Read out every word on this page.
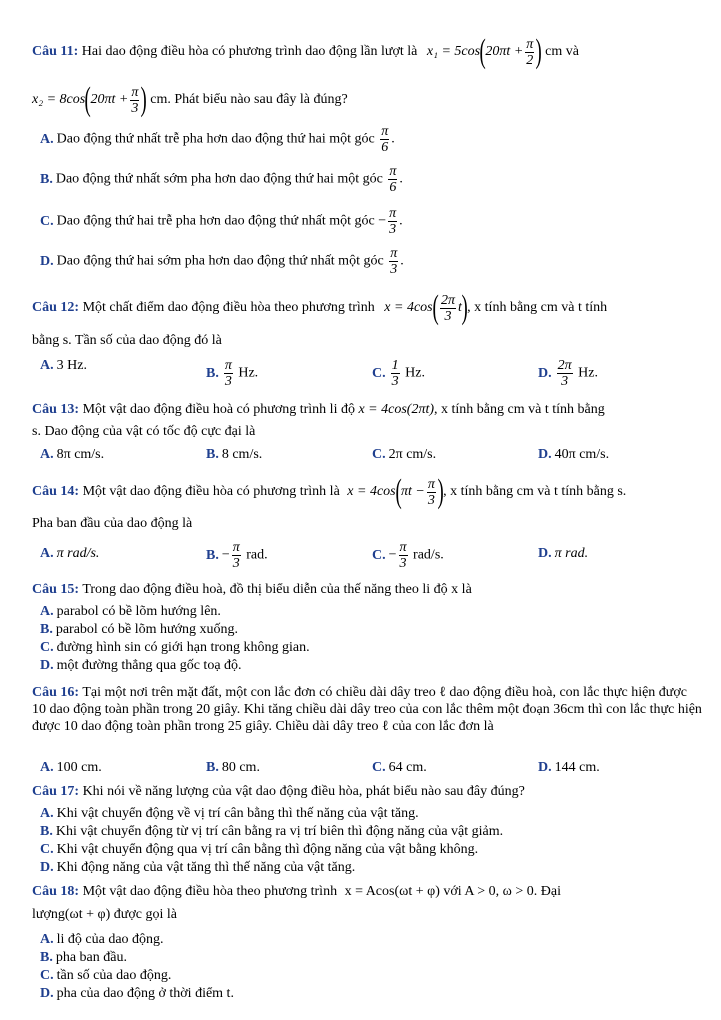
Câu 11: Hai dao động điều hòa có phương trình dao động lần lượt là $x_1 = 5\cos(20\pi t + \frac{\pi}{2}$ ) cm và
$x_2 = 8\cos(20\pi t + \frac{\pi}{3}$ ) cm. Phát biểu nào sau đây là đúng?
A. Dao động thứ nhất trễ pha hơn dao động thứ hai một góc $\frac{\pi}{6}$ .
B. Dao động thứ nhất sớm pha hơn dao động thứ hai một góc $\frac{\pi}{6}$ .
C. Dao động thứ hai trễ pha hơn dao động thứ nhất một góc − $\frac{\pi}{3}$ .
D. Dao động thứ hai sớm pha hơn dao động thứ nhất một góc $\frac{\pi}{3}$ .
Câu 12: Một chất điểm dao động điều hòa theo phương trình $x = 4\cos( \frac{2\pi}{3} t)$, x tính bằng cm và t tính
bằng s. Tần số của dao động đó là
A. 3 Hz.
B. $\frac{\pi}{3} Hz$.	C. $\frac{1}{3} Hz$.	D. $\frac{2\pi}{3} Hz$.
Câu 13: Một vật dao động điều hoà có phương trình li độ x = 4cos(2πt), x tính bằng cm và t tính bằng
s. Dao động của vật có tốc độ cực đại là
A. 8π cm/s.	B. 8 cm/s.	C. 2π cm/s.	D. 40π cm/s.
Câu 14: Một vật dao động điều hòa có phương trình là $x = 4\cos(\pi t - \frac{\pi}{3}$ ), x tính bằng cm và t tính bằng s.
Pha ban đầu của dao động là
A. π rad/s.	B. − $\frac{\pi}{3}$ rad.	C. − $\frac{\pi}{3} rad/s$.	D. π rad.
Câu 15: Trong dao động điều hoà, đồ thị biểu diễn của thế năng theo li độ x là
A. parabol có bề lõm hướng lên.
B. parabol có bề lõm hướng xuống.
C. đường hình sin có giới hạn trong không gian.
D. một đường thẳng qua gốc toạ độ.
Câu 16: Tại một nơi trên mặt đất, một con lắc đơn có chiều dài dây treo ℓ dao động điều hoà, con lắc thực hiện được 10 dao động toàn phần trong 20 giây. Khi tăng chiều dài dây treo của con lắc thêm một đoạn 36cm thì con lắc thực hiện được 10 dao động toàn phần trong 25 giây. Chiều dài dây treo ℓ của con lắc đơn là
A. 100 cm.	B. 80 cm.	C. 64 cm.	D. 144 cm.
Câu 17: Khi nói về năng lượng của vật dao động điều hòa, phát biểu nào sau đây đúng?
A. Khi vật chuyển động về vị trí cân bằng thì thế năng của vật tăng.
B. Khi vật chuyển động từ vị trí cân bằng ra vị trí biên thì động năng của vật giảm.
C. Khi vật chuyển động qua vị trí cân bằng thì động năng của vật bằng không.
D. Khi động năng của vật tăng thì thế năng của vật tăng.
Câu 18: Một vật dao động điều hòa theo phương trình x = Acos(ωt + φ) với A > 0, ω > 0. Đại
lượng(ωt + φ) được gọi là
A. li độ của dao động.
B. pha ban đầu.
C. tần số của dao động.
D. pha của dao động ở thời điểm t.
